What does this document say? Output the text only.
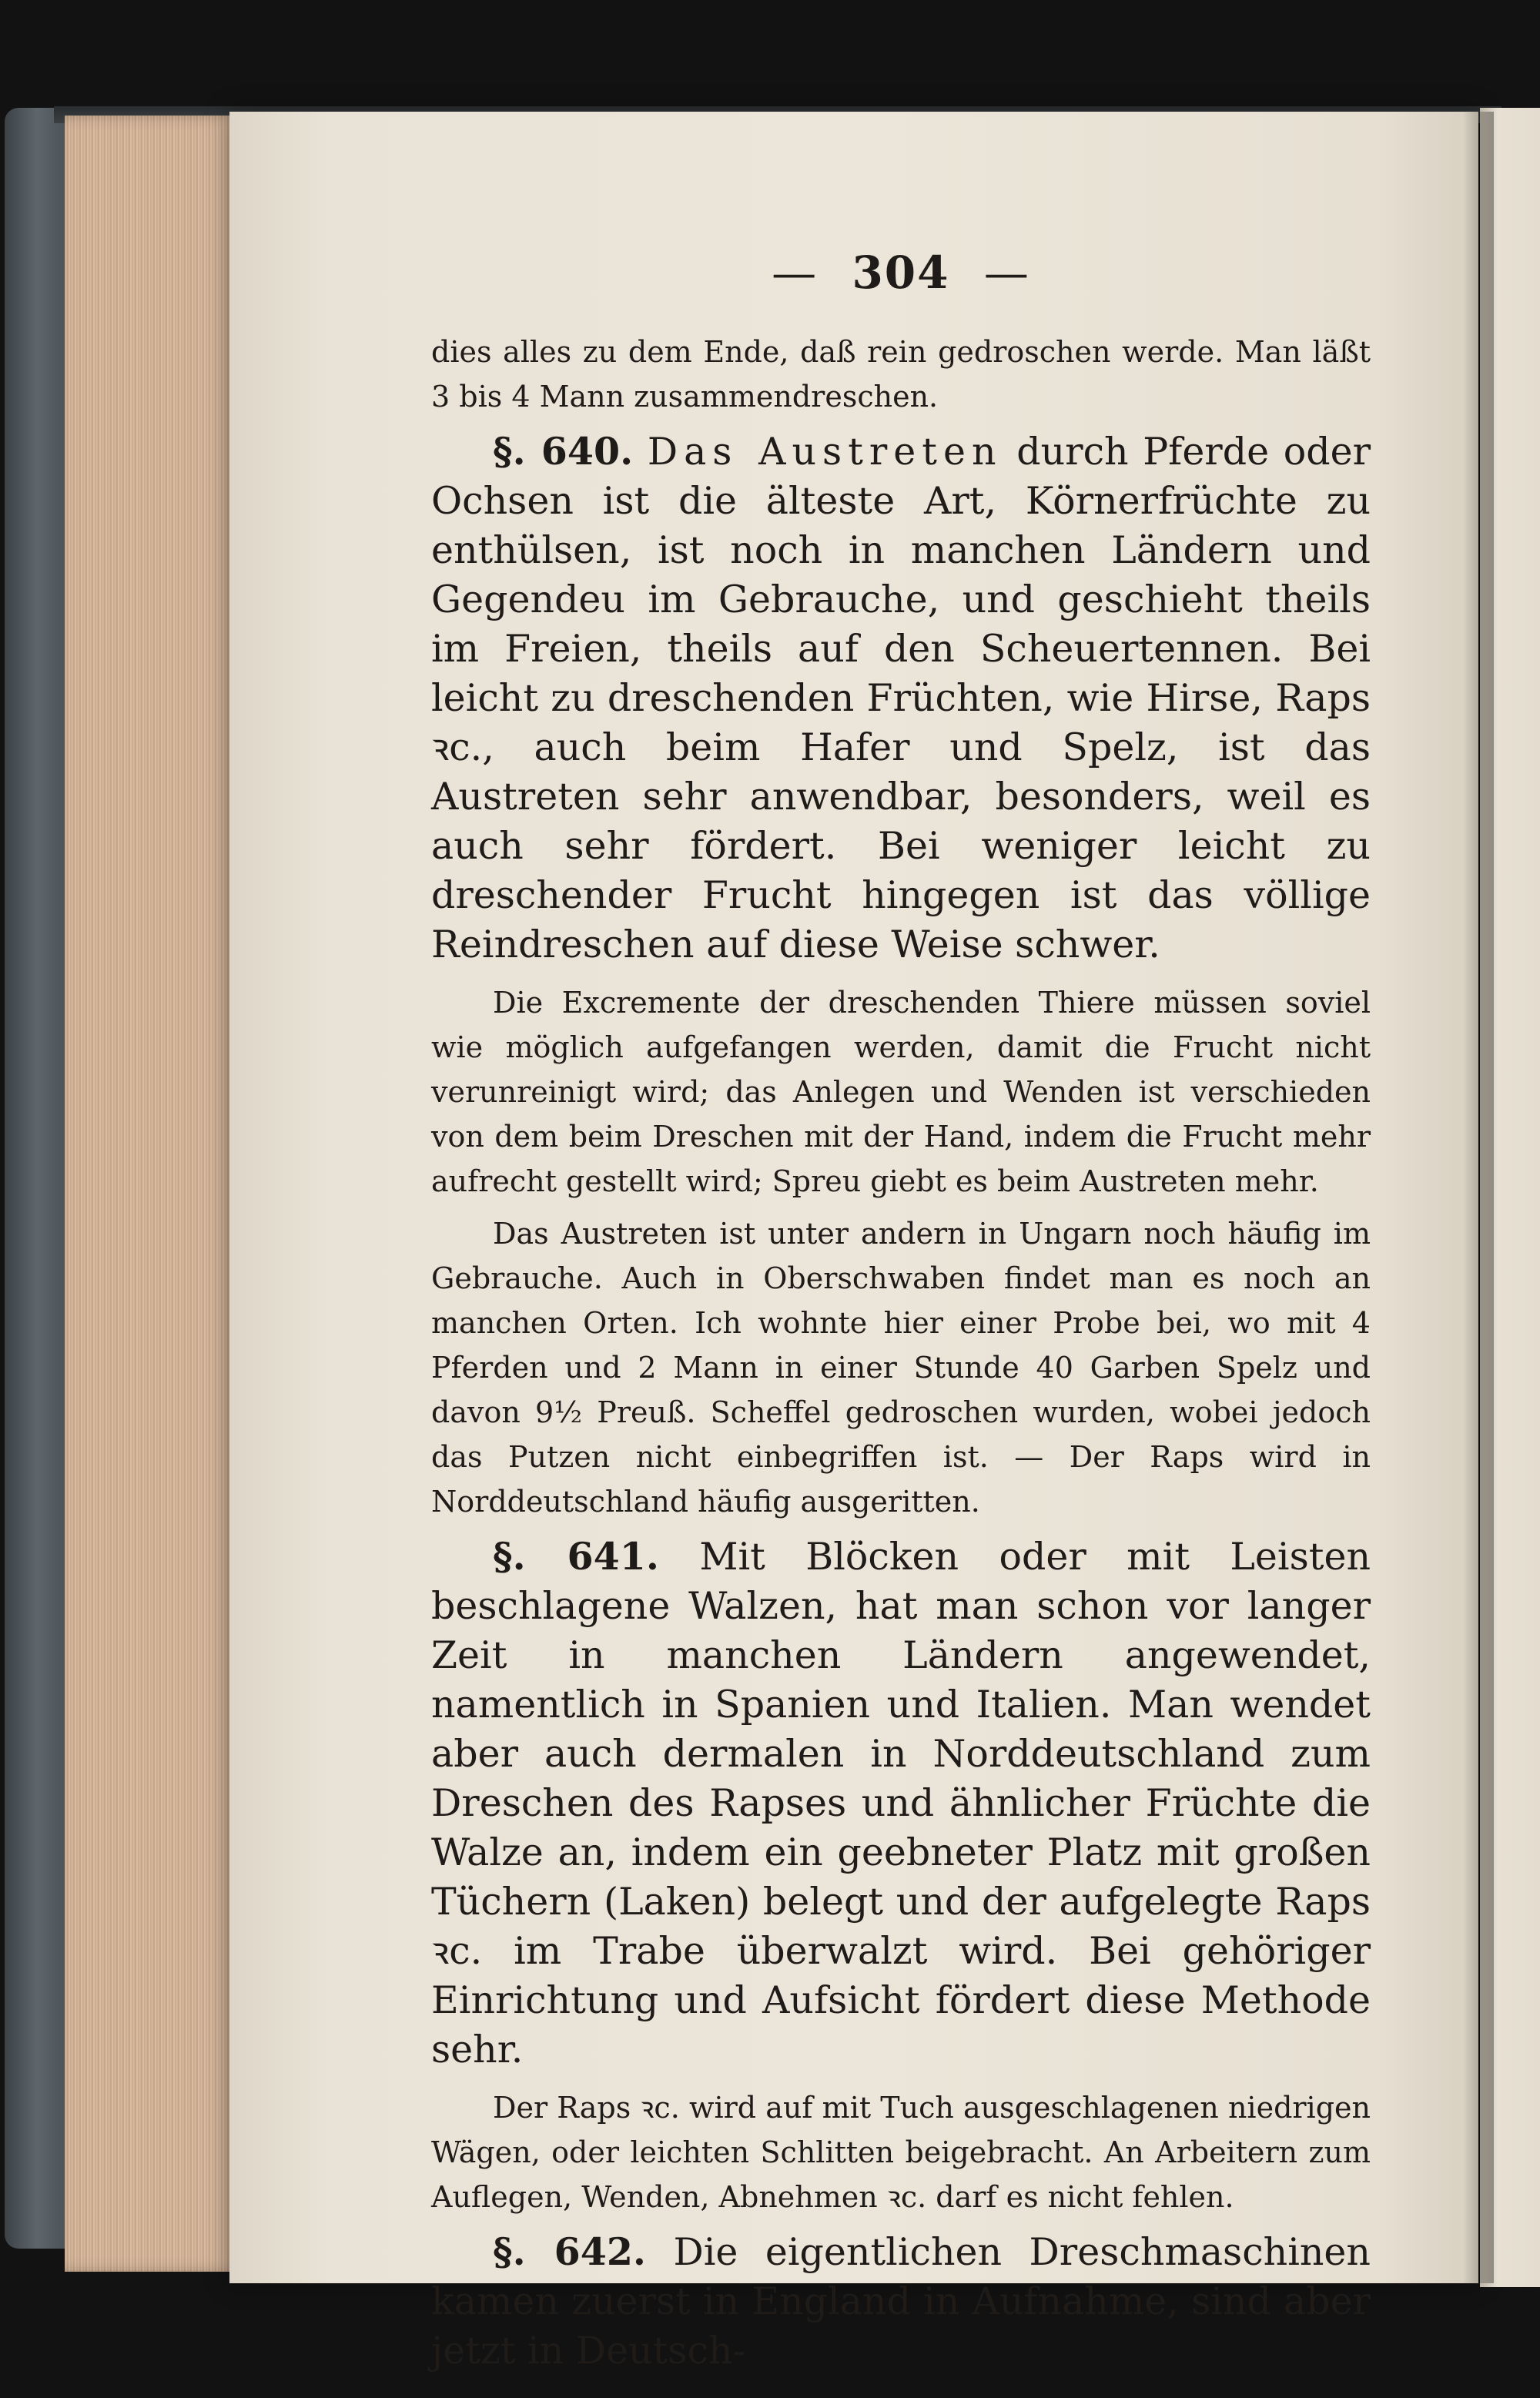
— 304 —

dies alles zu dem Ende, daß rein gedroschen werde. Man läßt 3 bis 4 Mann zusammendreschen.

§. 640. Das Austreten durch Pferde oder Ochsen ist die älteste Art, Körnerfrüchte zu enthülsen, ist noch in manchen Ländern und Gegendeu im Gebrauche, und geschieht theils im Freien, theils auf den Scheuertennen. Bei leicht zu dreschenden Früchten, wie Hirse, Raps ꝛc., auch beim Hafer und Spelz, ist das Austreten sehr anwendbar, besonders, weil es auch sehr fördert. Bei weniger leicht zu dreschender Frucht hingegen ist das völlige Reindreschen auf diese Weise schwer.

Die Excremente der dreschenden Thiere müssen soviel wie möglich aufgefangen werden, damit die Frucht nicht verunreinigt wird; das Anlegen und Wenden ist verschieden von dem beim Dreschen mit der Hand, indem die Frucht mehr aufrecht gestellt wird; Spreu giebt es beim Austreten mehr.

Das Austreten ist unter andern in Ungarn noch häufig im Gebrauche. Auch in Oberschwaben findet man es noch an manchen Orten. Ich wohnte hier einer Probe bei, wo mit 4 Pferden und 2 Mann in einer Stunde 40 Garben Spelz und davon 9½ Preuß. Scheffel gedroschen wurden, wobei jedoch das Putzen nicht einbegriffen ist. — Der Raps wird in Norddeutschland häufig ausgeritten.

§. 641. Mit Blöcken oder mit Leisten beschlagene Walzen, hat man schon vor langer Zeit in manchen Ländern angewendet, namentlich in Spanien und Italien. Man wendet aber auch dermalen in Norddeutschland zum Dreschen des Rapses und ähnlicher Früchte die Walze an, indem ein geebneter Platz mit großen Tüchern (Laken) belegt und der aufgelegte Raps ꝛc. im Trabe überwalzt wird. Bei gehöriger Einrichtung und Aufsicht fördert diese Methode sehr.

Der Raps ꝛc. wird auf mit Tuch ausgeschlagenen niedrigen Wägen, oder leichten Schlitten beigebracht. An Arbeitern zum Auflegen, Wenden, Abnehmen ꝛc. darf es nicht fehlen.

§. 642. Die eigentlichen Dreschmaschinen kamen zuerst in England in Aufnahme, sind aber jetzt in Deutsch-
